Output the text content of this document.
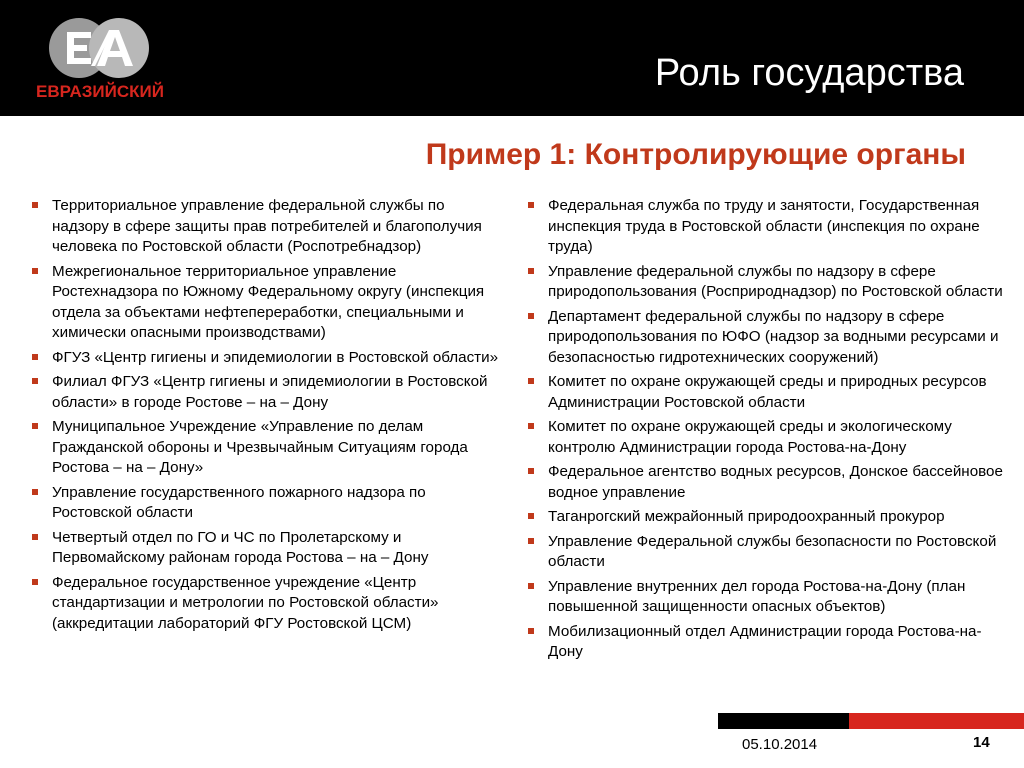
ЕВРАЗИЙСКИЙ	Роль государства
Пример 1: Контролирующие органы
Территориальное управление федеральной службы по надзору в сфере защиты прав потребителей и благополучия человека по Ростовской области (Роспотребнадзор)
Межрегиональное территориальное управление Ростехнадзора по Южному Федеральному округу (инспекция отдела за объектами нефтепереработки, специальными и химически опасными производствами)
ФГУЗ «Центр гигиены и эпидемиологии в Ростовской области»
Филиал ФГУЗ «Центр гигиены и эпидемиологии в Ростовской области» в городе Ростове – на – Дону
Муниципальное Учреждение «Управление по делам Гражданской обороны и Чрезвычайным Ситуациям города Ростова – на – Дону»
Управление государственного пожарного надзора по Ростовской области
Четвертый отдел по ГО и ЧС по Пролетарскому и Первомайскому районам города Ростова – на – Дону
Федеральное государственное учреждение «Центр стандартизации и метрологии по Ростовской области» (аккредитации лабораторий ФГУ Ростовской ЦСМ)
Федеральная служба по труду и занятости, Государственная инспекция труда в Ростовской области (инспекция по охране труда)
Управление федеральной службы по надзору в сфере природопользования (Росприроднадзор) по Ростовской области
Департамент федеральной службы по надзору в сфере природопользования по ЮФО (надзор за водными ресурсами и безопасностью гидротехнических сооружений)
Комитет по охране окружающей среды и природных ресурсов Администрации Ростовской области
Комитет по охране окружающей среды и экологическому контролю Администрации города Ростова-на-Дону
Федеральное агентство водных ресурсов, Донское бассейновое водное управление
Таганрогский межрайонный природоохранный прокурор
Управление Федеральной службы безопасности по Ростовской области
Управление внутренних дел города Ростова-на-Дону (план повышенной защищенности опасных объектов)
Мобилизационный отдел Администрации города Ростова-на-Дону
05.10.2014	14
